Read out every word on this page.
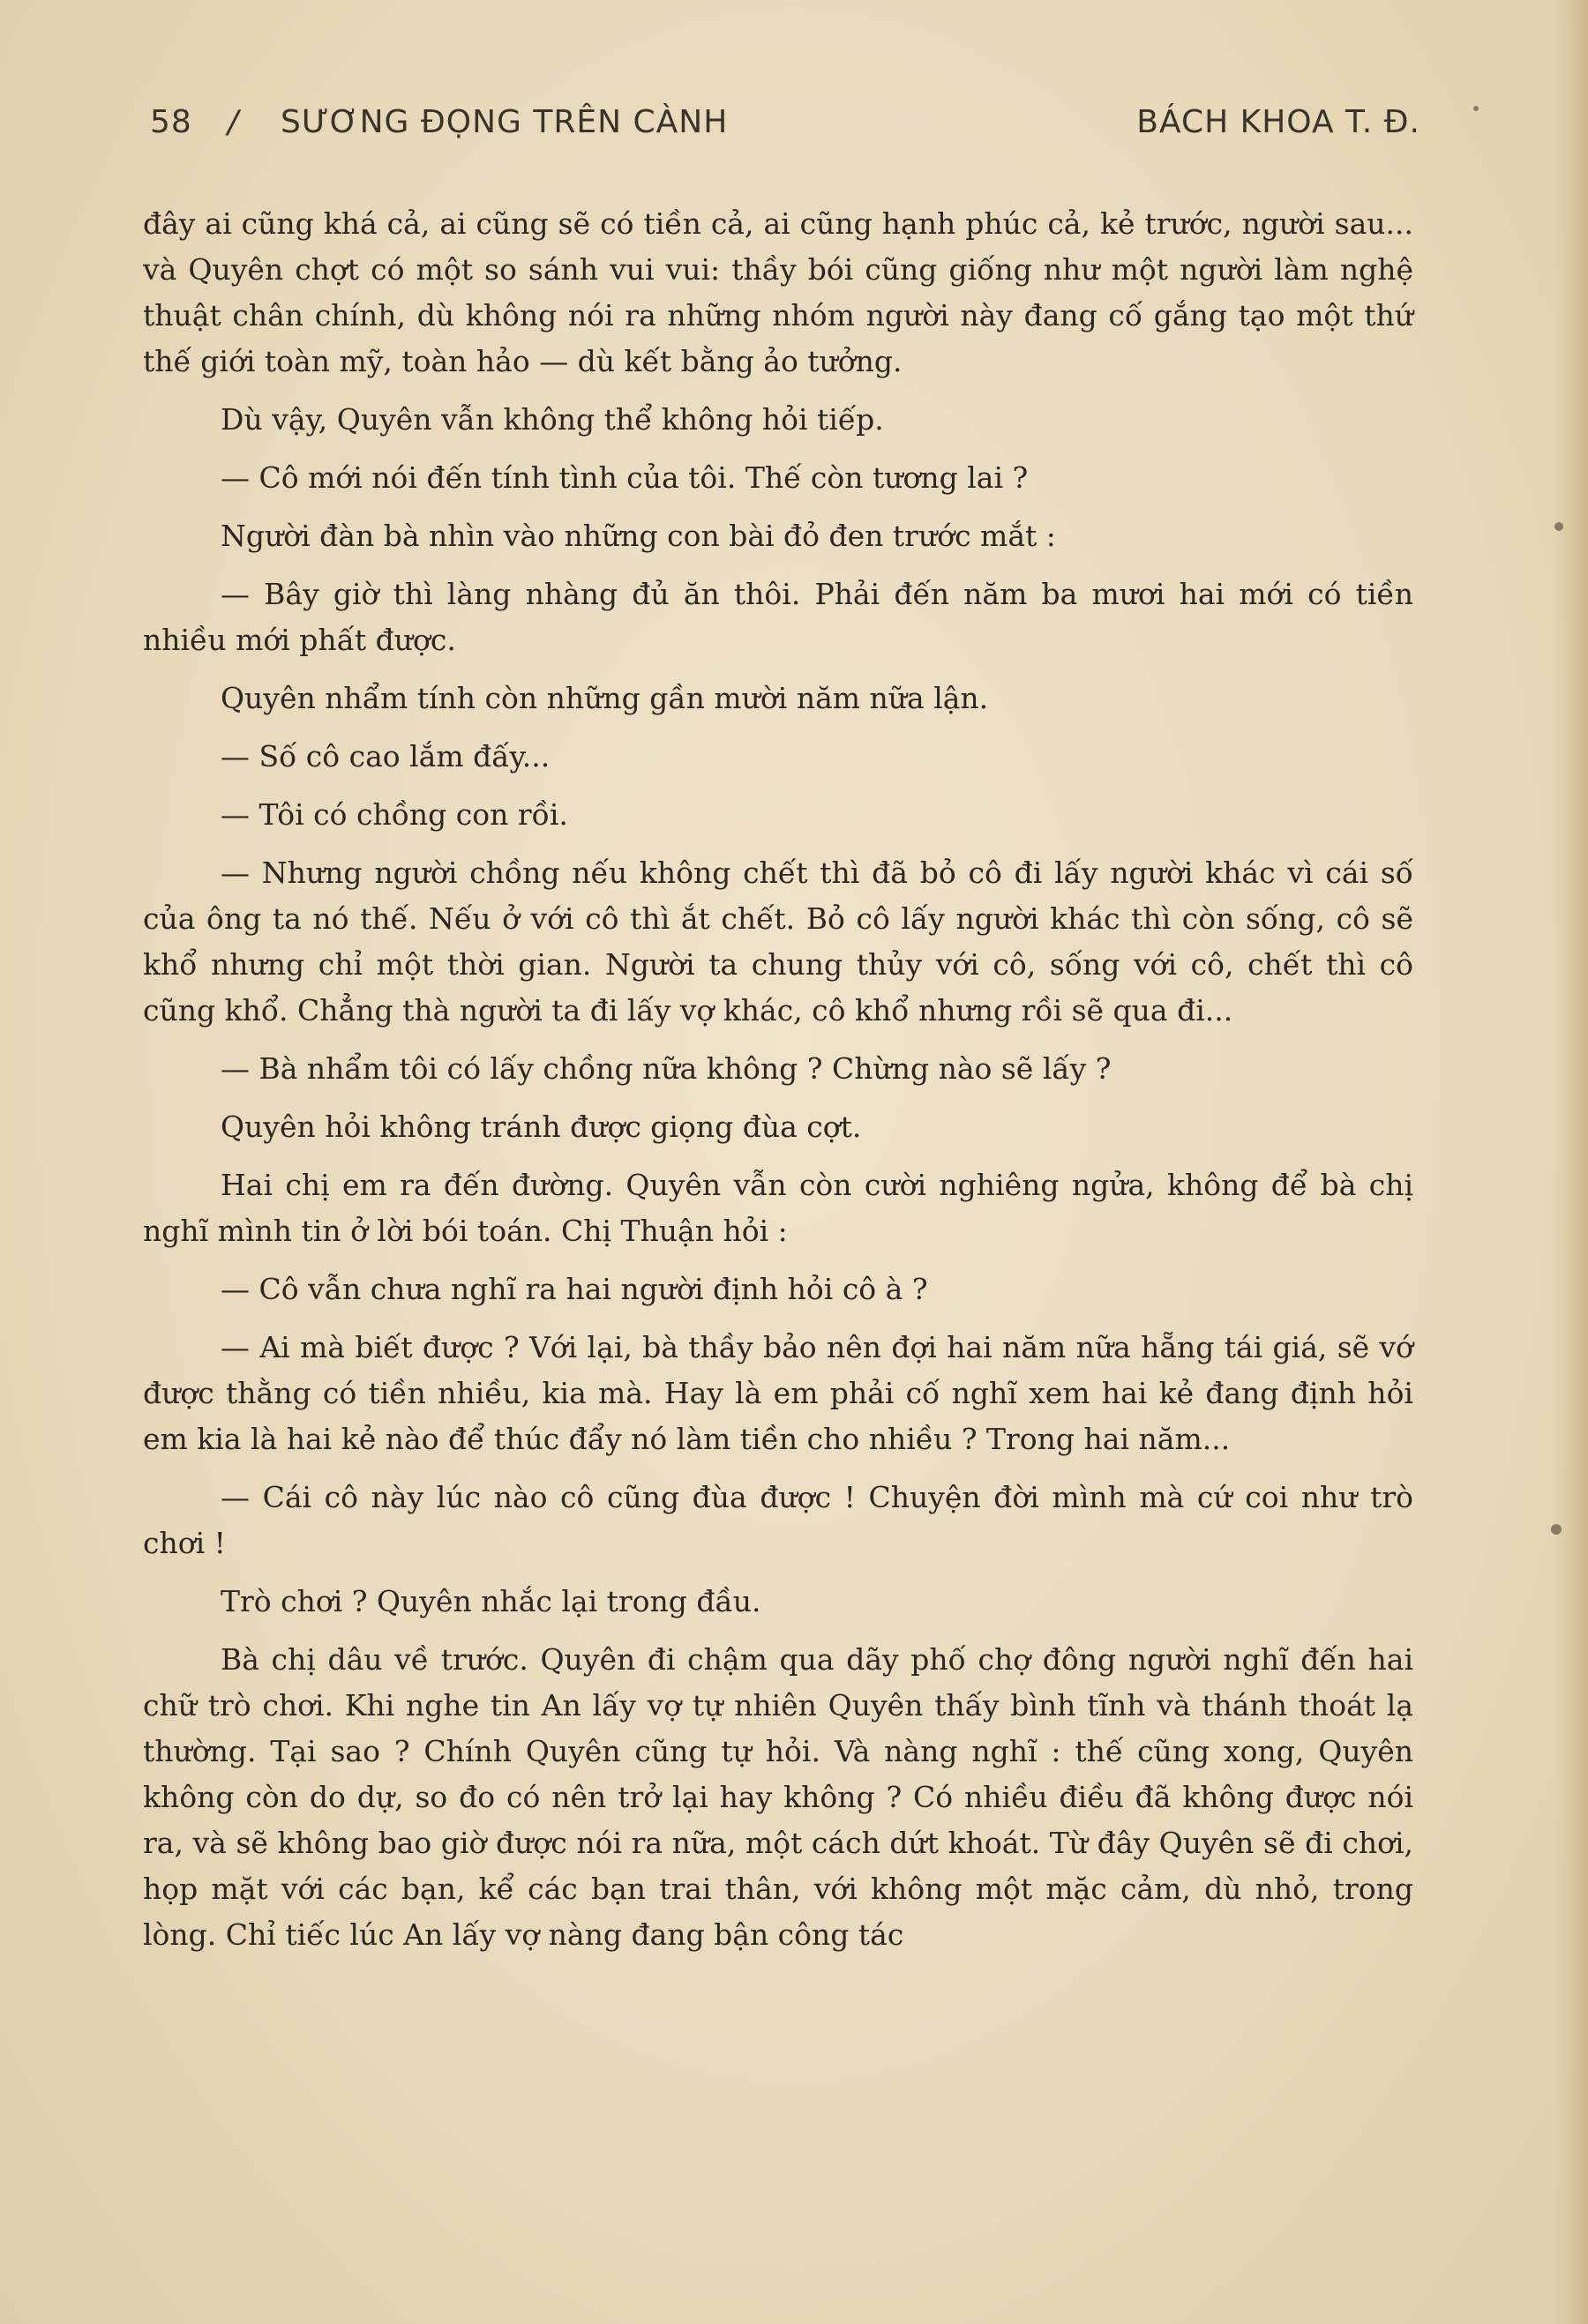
58 / SƯƠNG ĐỌNG TRÊN CÀNH	BÁCH KHOA T. Đ.

đây ai cũng khá cả, ai cũng sẽ có tiền cả, ai cũng hạnh phúc cả, kẻ trước, người sau... và Quyên chợt có một so sánh vui vui: thầy bói cũng giống như một người làm nghệ thuật chân chính, dù không nói ra những nhóm người này đang cố gắng tạo một thứ thế giới toàn mỹ, toàn hảo — dù kết bằng ảo tưởng.

Dù vậy, Quyên vẫn không thể không hỏi tiếp.

— Cô mới nói đến tính tình của tôi. Thế còn tương lai ?

Người đàn bà nhìn vào những con bài đỏ đen trước mắt :

— Bây giờ thì làng nhàng đủ ăn thôi. Phải đến năm ba mươi hai mới có tiền nhiều mới phất được.

Quyên nhẩm tính còn những gần mười năm nữa lận.

— Số cô cao lắm đấy...

— Tôi có chồng con rồi.

— Nhưng người chồng nếu không chết thì đã bỏ cô đi lấy người khác vì cái số của ông ta nó thế. Nếu ở với cô thì ắt chết. Bỏ cô lấy người khác thì còn sống, cô sẽ khổ nhưng chỉ một thời gian. Người ta chung thủy với cô, sống với cô, chết thì cô cũng khổ. Chẳng thà người ta đi lấy vợ khác, cô khổ nhưng rồi sẽ qua đi...

— Bà nhẩm tôi có lấy chồng nữa không ? Chừng nào sẽ lấy ?

Quyên hỏi không tránh được giọng đùa cợt.

Hai chị em ra đến đường. Quyên vẫn còn cười nghiêng ngửa, không để bà chị nghĩ mình tin ở lời bói toán. Chị Thuận hỏi :

— Cô vẫn chưa nghĩ ra hai người định hỏi cô à ?

— Ai mà biết được ? Với lại, bà thầy bảo nên đợi hai năm nữa hẵng tái giá, sẽ vớ được thằng có tiền nhiều, kia mà. Hay là em phải cố nghĩ xem hai kẻ đang định hỏi em kia là hai kẻ nào để thúc đẩy nó làm tiền cho nhiều ? Trong hai năm...

— Cái cô này lúc nào cô cũng đùa được ! Chuyện đời mình mà cứ coi như trò chơi !

Trò chơi ? Quyên nhắc lại trong đầu.

Bà chị dâu về trước. Quyên đi chậm qua dãy phố chợ đông người nghĩ đến hai chữ trò chơi. Khi nghe tin An lấy vợ tự nhiên Quyên thấy bình tĩnh và thánh thoát lạ thường. Tại sao ? Chính Quyên cũng tự hỏi. Và nàng nghĩ : thế cũng xong, Quyên không còn do dự, so đo có nên trở lại hay không ? Có nhiều điều đã không được nói ra, và sẽ không bao giờ được nói ra nữa, một cách dứt khoát. Từ đây Quyên sẽ đi chơi, họp mặt với các bạn, kể các bạn trai thân, với không một mặc cảm, dù nhỏ, trong lòng. Chỉ tiếc lúc An lấy vợ nàng đang bận công tác
